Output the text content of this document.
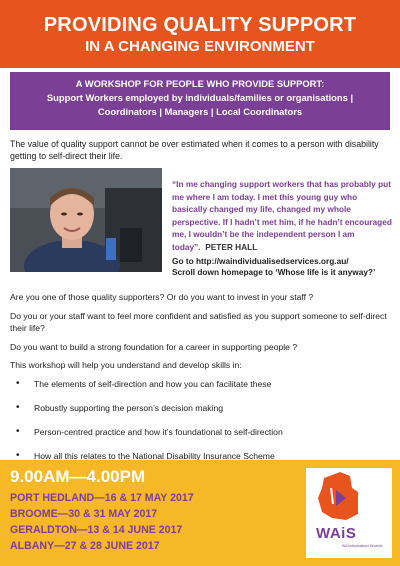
PROVIDING QUALITY SUPPORT
IN A CHANGING ENVIRONMENT
A WORKSHOP FOR PEOPLE WHO PROVIDE SUPPORT:
Support Workers employed by individuals/families or organisations |
Coordinators | Managers | Local Coordinators
The value of quality support cannot be over estimated when it comes to a person with disability getting to self-direct their life.
“In me changing support workers that has probably put me where I am today. I met this young guy who basically changed my life, changed my whole perspective. If I hadn’t met him, if he hadn’t encouraged me, I wouldn’t be the independent person I am today”. PETER HALL
Go to http://waindividualisedservices.org.au/
Scroll down homepage to ‘Whose life is it anyway?’

Are you one of those quality supporters? Or do you want to invest in your staff ?

Do you or your staff want to feel more confident and satisfied as you support someone to self-direct their life?

Do you want to build a strong foundation for a career in supporting people ?

This workshop will help you understand and develop skills in:

• The elements of self-direction and how you can facilitate these
• Robustly supporting the person’s decision making
• Person-centred practice and how it’s foundational to self-direction
• How all this relates to the National Disability Insurance Scheme
9.00AM—4.00PM
PORT HEDLAND—16 & 17 MAY 2017
BROOME—30 & 31 MAY 2017
GERALDTON—13 & 14 JUNE 2017
ALBANY—27 & 28 JUNE 2017
WAiS
WA Individualised Services
